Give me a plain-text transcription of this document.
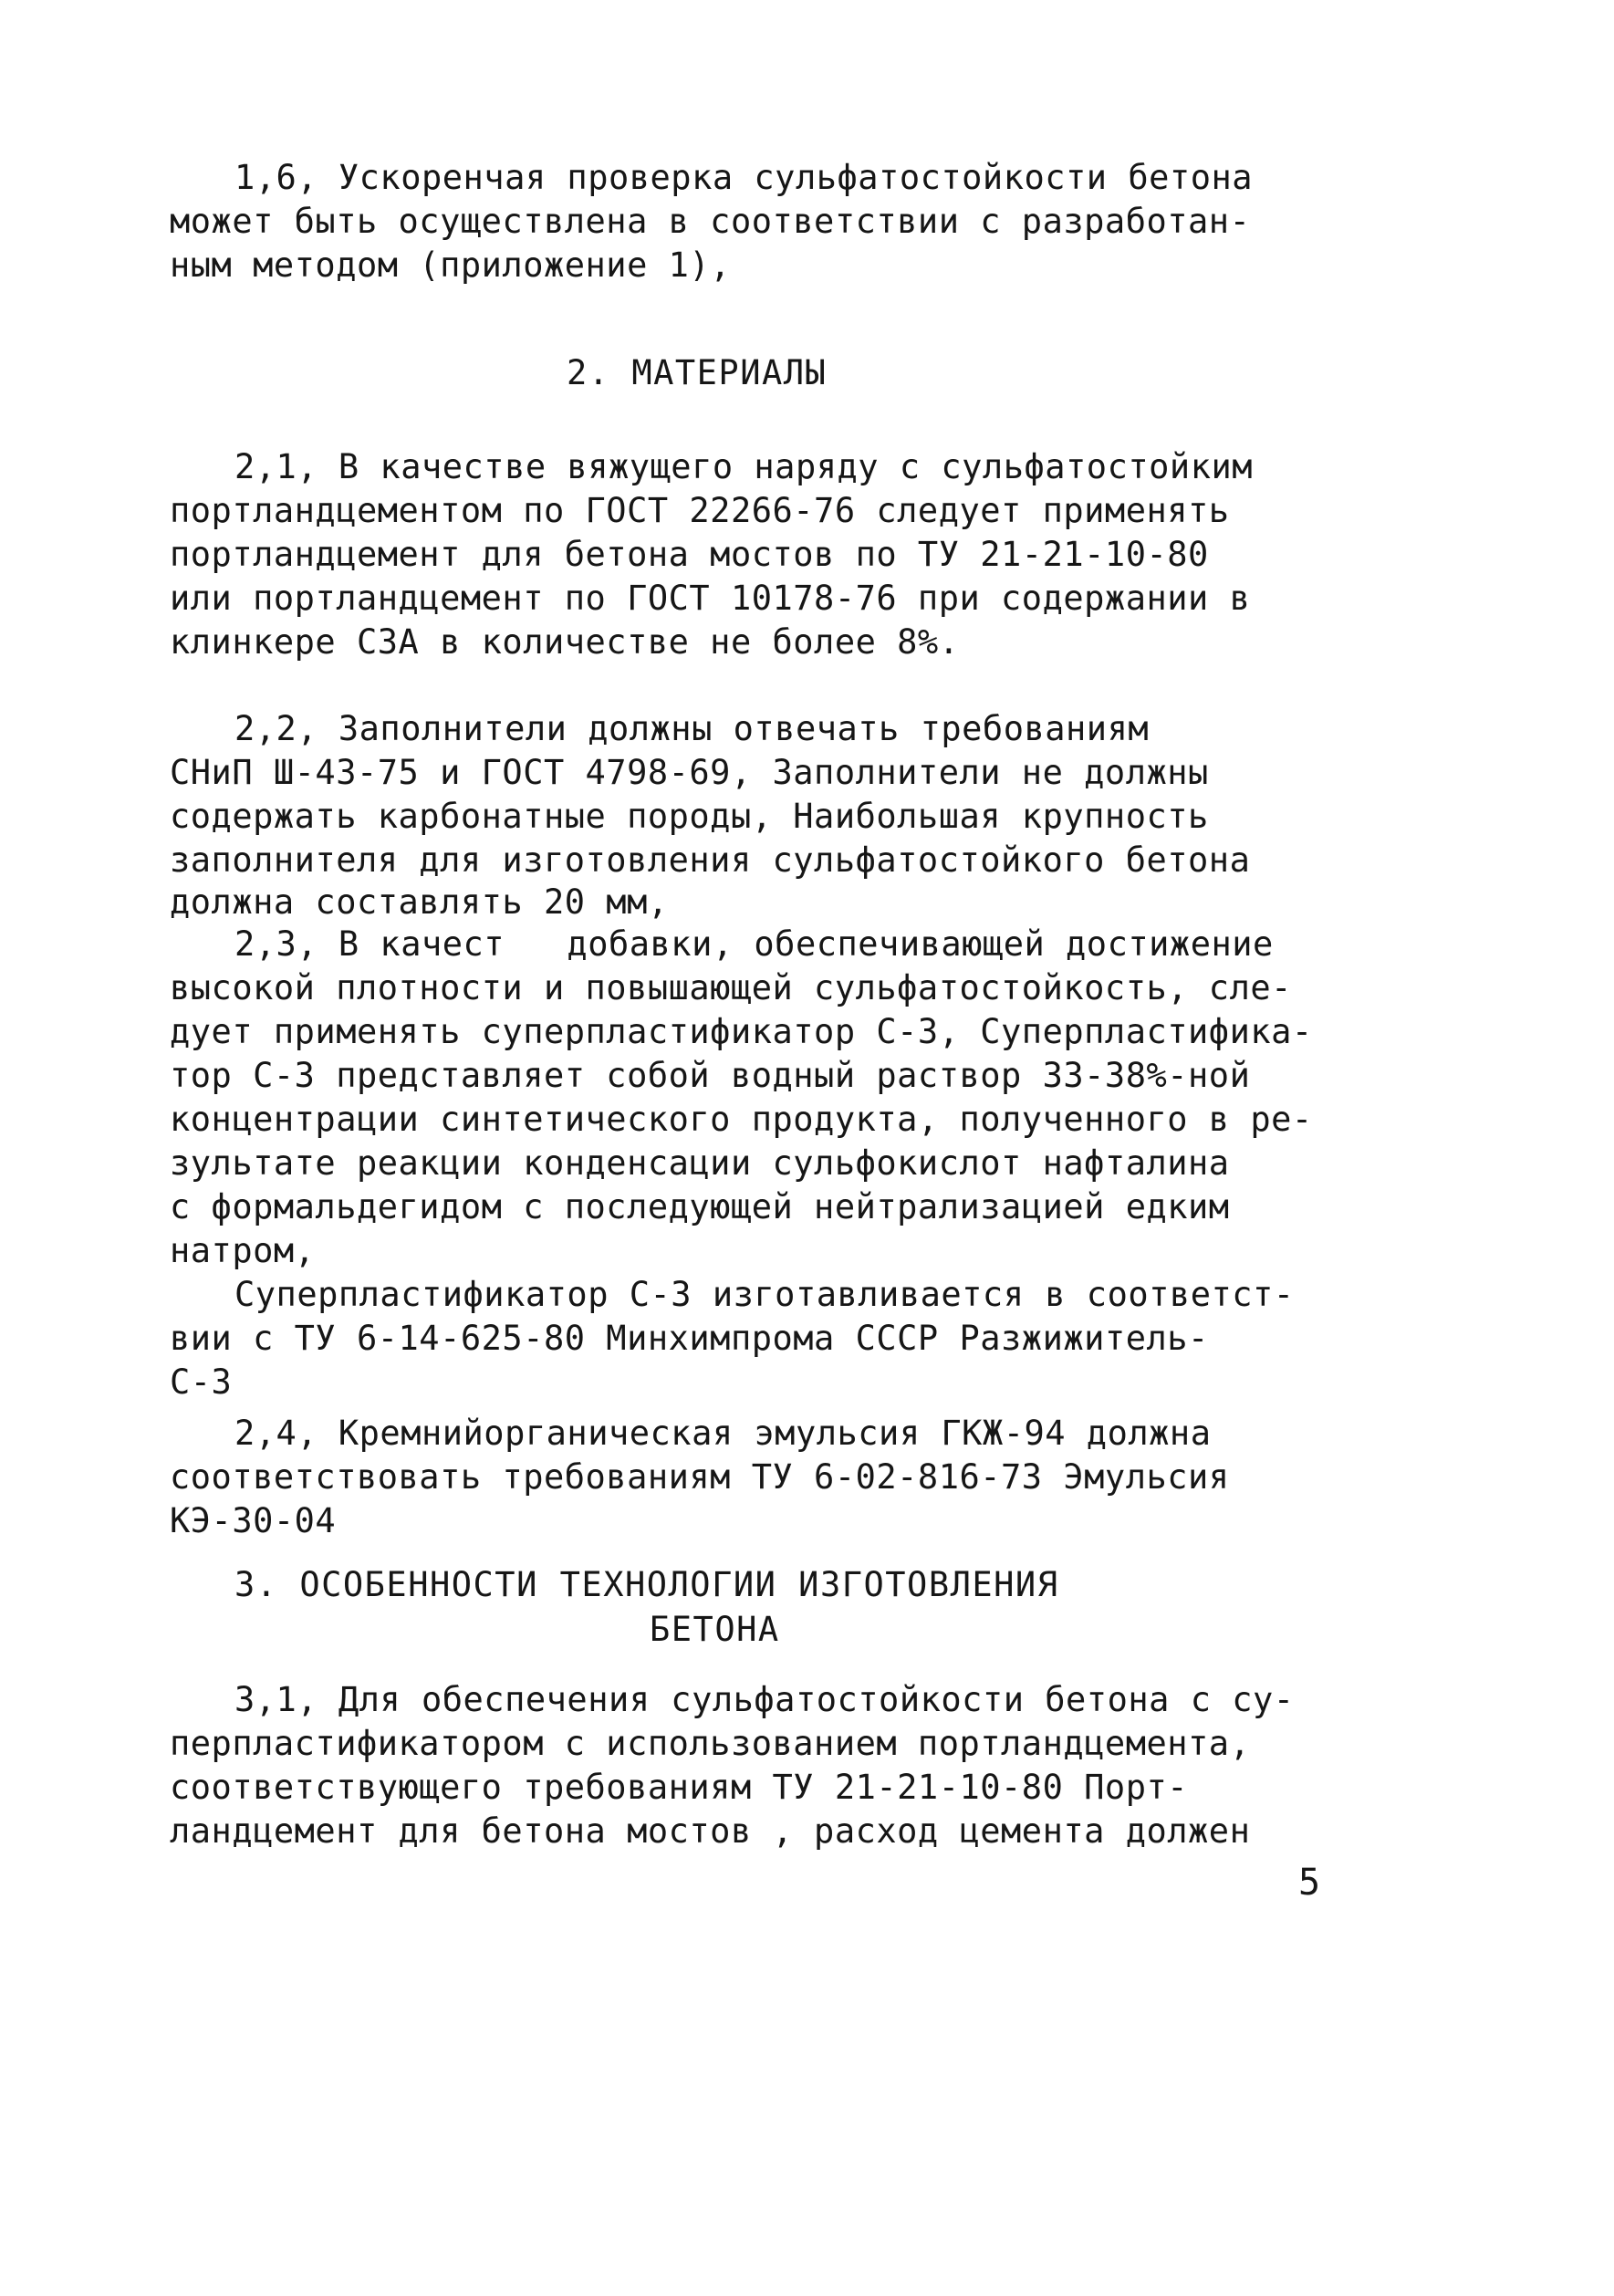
1,6, Ускоренчая проверка сульфатостойкости бетона
может быть осуществлена в соответствии с разработан-
ным методом (приложение 1),
2. МАТЕРИАЛЫ
2,1, В качестве вяжущего наряду с сульфатостойким
портландцементом по ГОСТ 22266-76 следует применять
портландцемент для бетона мостов по ТУ 21-21-10-80
или портландцемент по ГОСТ 10178-76 при содержании в
клинкере С3А в количестве не более 8%.
2,2, Заполнители должны отвечать требованиям
СНиП Ш-43-75 и ГОСТ 4798-69, Заполнители не должны
содержать карбонатные породы, Наибольшая крупность
заполнителя для изготовления сульфатостойкого бетона
должна составлять 20 мм,
2,3, В качест   добавки, обеспечивающей достижение
высокой плотности и повышающей сульфатостойкость, сле-
дует применять суперпластификатор С-3, Суперпластифика-
тор С-3 представляет собой водный раствор 33-38%-ной
концентрации синтетического продукта, полученного в ре-
зультате реакции конденсации сульфокислот нафталина
с формальдегидом с последующей нейтрализацией едким
натром,
Суперпластификатор С-3 изготавливается в соответст-
вии с ТУ 6-14-625-80 Минхимпрома СССР Разжижитель-
С-3
2,4, Кремнийорганическая эмульсия ГКЖ-94 должна
соответствовать требованиям ТУ 6-02-816-73 Эмульсия
КЭ-30-04
3. ОСОБЕННОСТИ ТЕХНОЛОГИИ ИЗГОТОВЛЕНИЯ
БЕТОНА
3,1, Для обеспечения сульфатостойкости бетона с су-
перпластификатором с использованием портландцемента,
соответствующего требованиям ТУ 21-21-10-80 Порт-
ландцемент для бетона мостов , расход цемента должен
5
